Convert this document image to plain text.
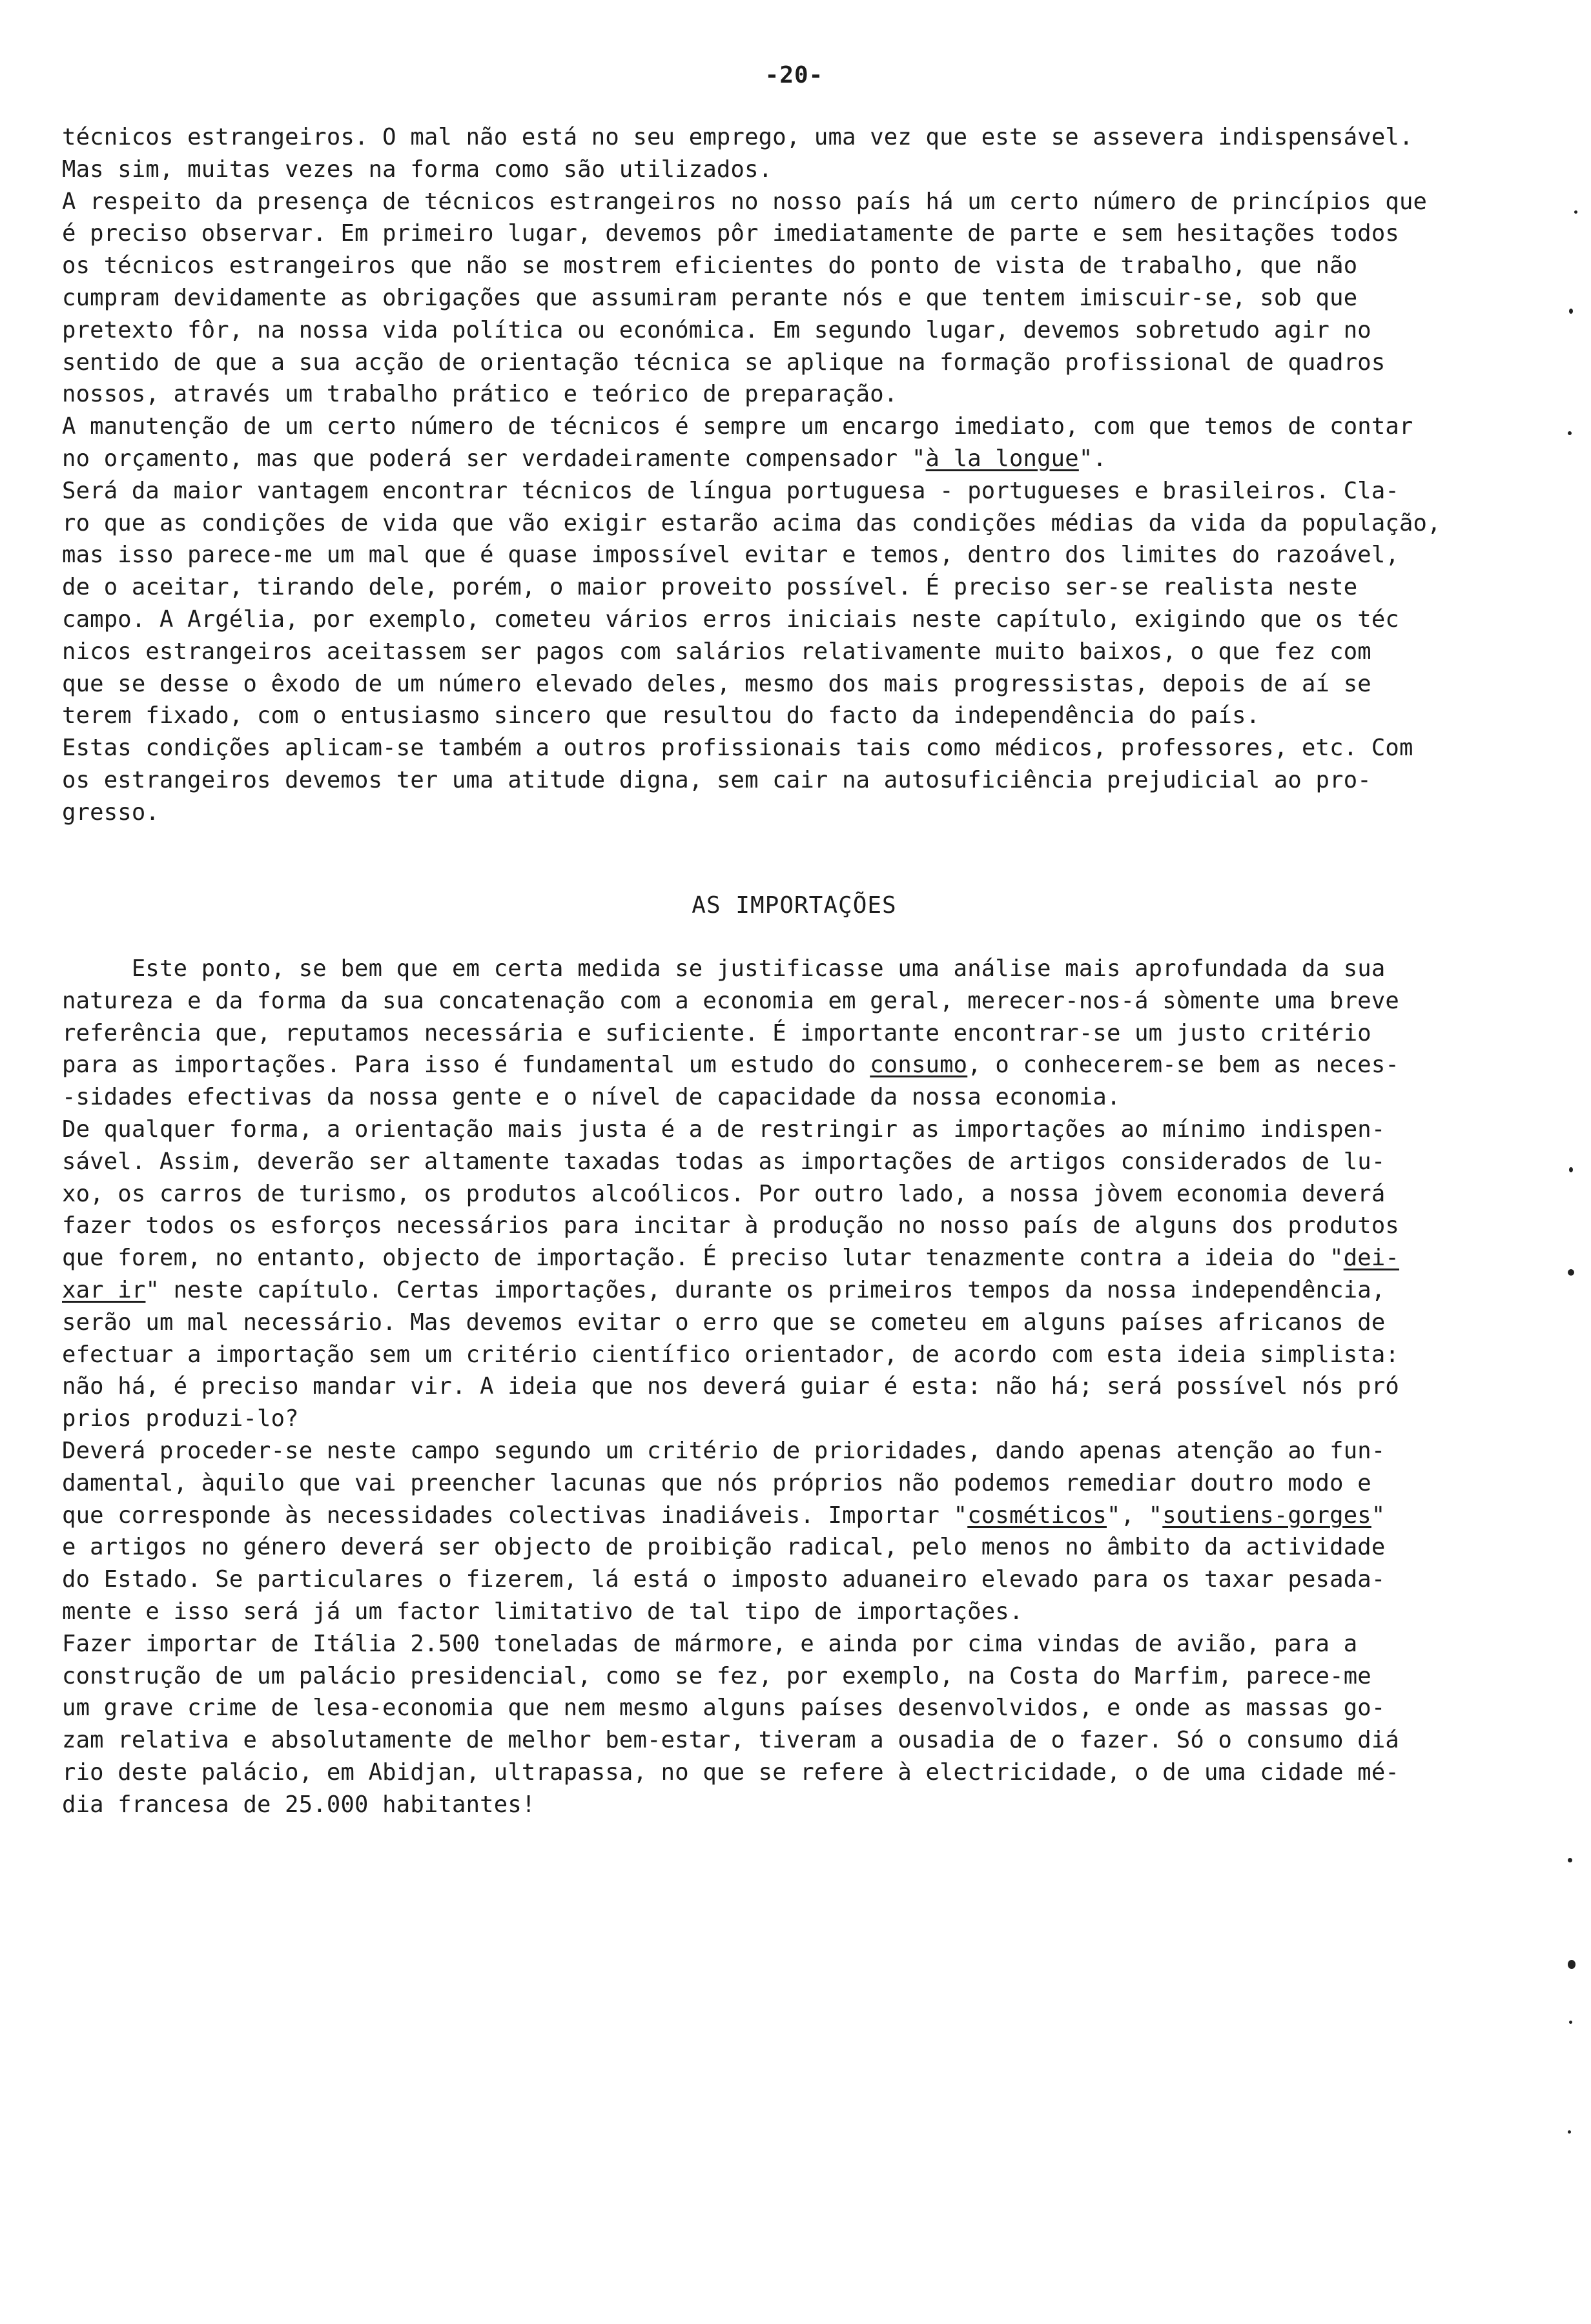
-20-
técnicos estrangeiros. O mal não está no seu emprego, uma vez que este se assevera indispensável.
Mas sim, muitas vezes na forma como são utilizados.
A respeito da presença de técnicos estrangeiros no nosso país há um certo número de princípios que
é preciso observar. Em primeiro lugar, devemos pôr imediatamente de parte e sem hesitações todos
os técnicos estrangeiros que não se mostrem eficientes do ponto de vista de trabalho, que não
cumpram devidamente as obrigações que assumiram perante nós e que tentem imiscuir-se, sob que
pretexto fôr, na nossa vida política ou económica. Em segundo lugar, devemos sobretudo agir no
sentido de que a sua acção de orientação técnica se aplique na formação profissional de quadros
nossos, através um trabalho prático e teórico de preparação.
A manutenção de um certo número de técnicos é sempre um encargo imediato, com que temos de contar
no orçamento, mas que poderá ser verdadeiramente compensador "à la longue".
Será da maior vantagem encontrar técnicos de língua portuguesa - portugueses e brasileiros. Cla-
ro que as condições de vida que vão exigir estarão acima das condições médias da vida da população,
mas isso parece-me um mal que é quase impossível evitar e temos, dentro dos limites do razoável,
de o aceitar, tirando dele, porém, o maior proveito possível. É preciso ser-se realista neste
campo. A Argélia, por exemplo, cometeu vários erros iniciais neste capítulo, exigindo que os téc
nicos estrangeiros aceitassem ser pagos com salários relativamente muito baixos, o que fez com
que se desse o êxodo de um número elevado deles, mesmo dos mais progressistas, depois de aí se
terem fixado, com o entusiasmo sincero que resultou do facto da independência do país.
Estas condições aplicam-se também a outros profissionais tais como médicos, professores, etc. Com
os estrangeiros devemos ter uma atitude digna, sem cair na autosuficiência prejudicial ao pro-
gresso.
AS IMPORTAÇÕES
Este ponto, se bem que em certa medida se justificasse uma análise mais aprofundada da sua
natureza e da forma da sua concatenação com a economia em geral, merecer-nos-á sòmente uma breve
referência que, reputamos necessária e suficiente. É importante encontrar-se um justo critério
para as importações. Para isso é fundamental um estudo do consumo, o conhecerem-se bem as neces-
-sidades efectivas da nossa gente e o nível de capacidade da nossa economia.
De qualquer forma, a orientação mais justa é a de restringir as importações ao mínimo indispen-
sável. Assim, deverão ser altamente taxadas todas as importações de artigos considerados de lu-
xo, os carros de turismo, os produtos alcoólicos. Por outro lado, a nossa jòvem economia deverá
fazer todos os esforços necessários para incitar à produção no nosso país de alguns dos produtos
que forem, no entanto, objecto de importação. É preciso lutar tenazmente contra a ideia do "dei-
xar ir" neste capítulo. Certas importações, durante os primeiros tempos da nossa independência,
serão um mal necessário. Mas devemos evitar o erro que se cometeu em alguns países africanos de
efectuar a importação sem um critério científico orientador, de acordo com esta ideia simplista:
não há, é preciso mandar vir. A ideia que nos deverá guiar é esta: não há; será possível nós pró
prios produzi-lo?
Deverá proceder-se neste campo segundo um critério de prioridades, dando apenas atenção ao fun-
damental, àquilo que vai preencher lacunas que nós próprios não podemos remediar doutro modo e
que corresponde às necessidades colectivas inadiáveis. Importar "cosméticos", "soutiens-gorges"
e artigos no género deverá ser objecto de proibição radical, pelo menos no âmbito da actividade
do Estado. Se particulares o fizerem, lá está o imposto aduaneiro elevado para os taxar pesada-
mente e isso será já um factor limitativo de tal tipo de importações.
Fazer importar de Itália 2.500 toneladas de mármore, e ainda por cima vindas de avião, para a
construção de um palácio presidencial, como se fez, por exemplo, na Costa do Marfim, parece-me
um grave crime de lesa-economia que nem mesmo alguns países desenvolvidos, e onde as massas go-
zam relativa e absolutamente de melhor bem-estar, tiveram a ousadia de o fazer. Só o consumo diá
rio deste palácio, em Abidjan, ultrapassa, no que se refere à electricidade, o de uma cidade mé-
dia francesa de 25.000 habitantes!
